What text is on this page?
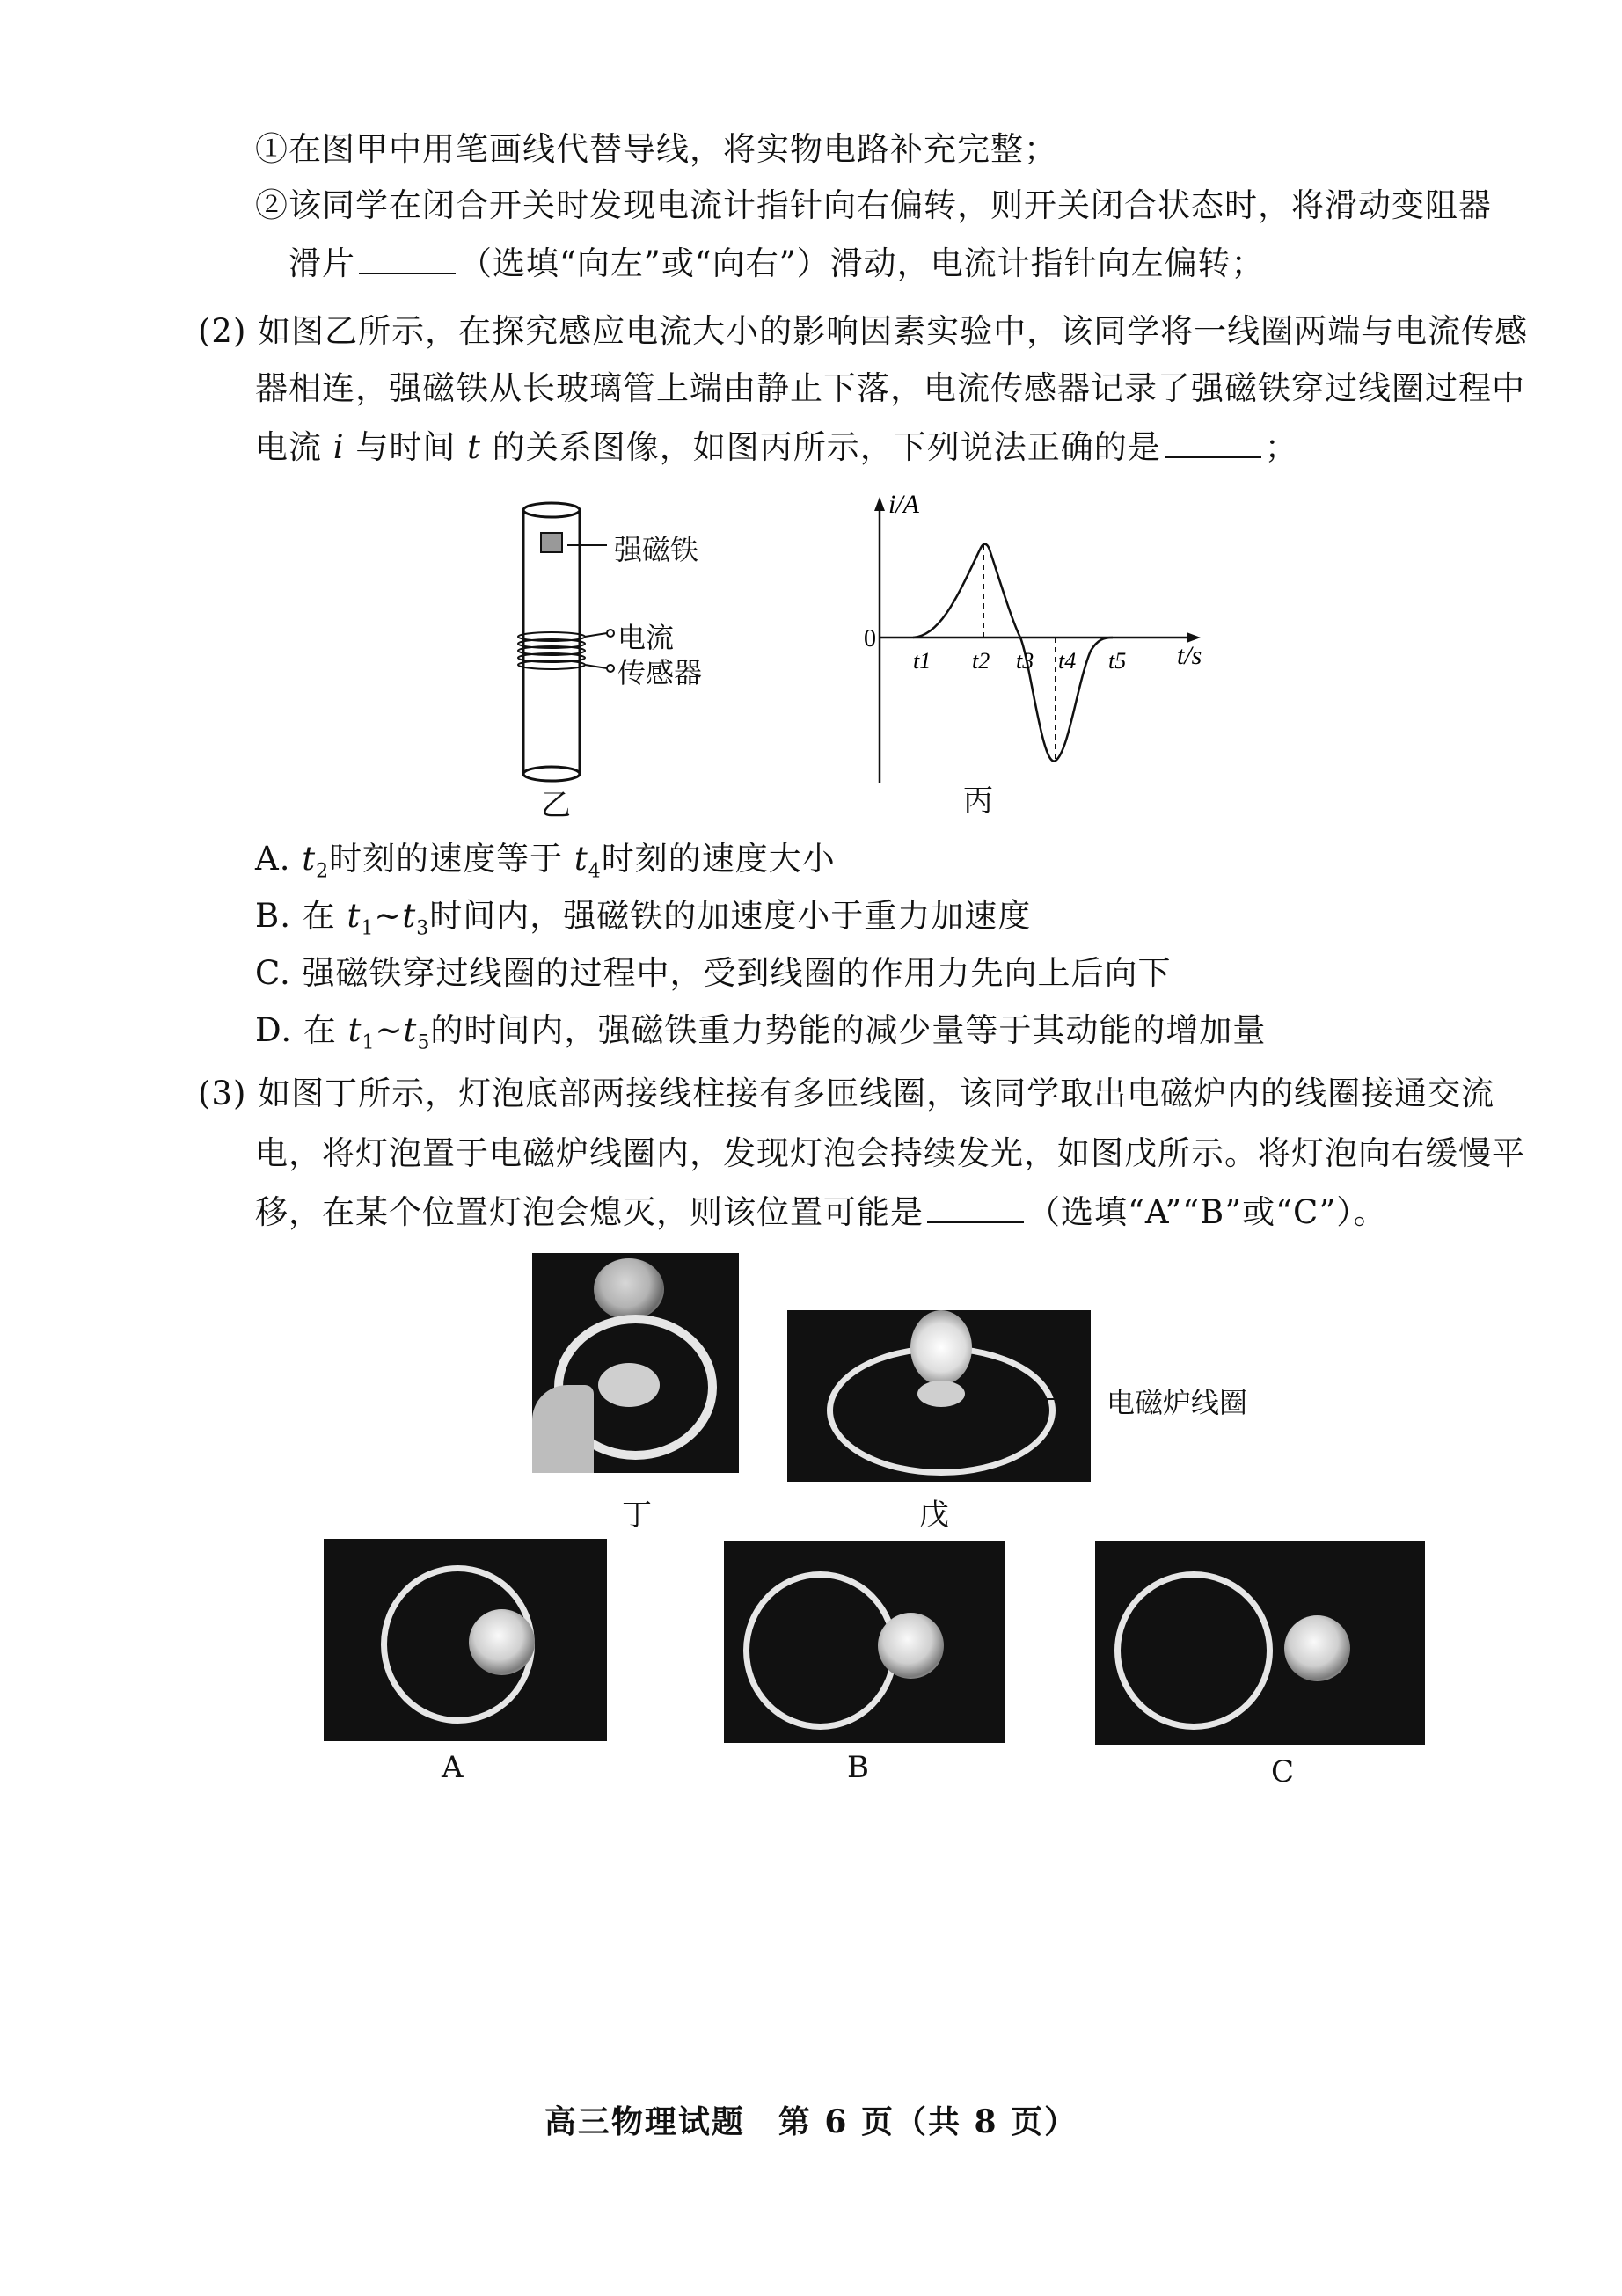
①在图甲中用笔画线代替导线，将实物电路补充完整；
②该同学在闭合开关时发现电流计指针向右偏转，则开关闭合状态时，将滑动变阻器
滑片	（选填“向左”或“向右”）滑动，电流计指针向左偏转；
(2) 如图乙所示，在探究感应电流大小的影响因素实验中，该同学将一线圈两端与电流传感
器相连，强磁铁从长玻璃管上端由静止下落，电流传感器记录了强磁铁穿过线圈过程中
电流 i 与时间 t 的关系图像，如图丙所示，下列说法正确的是	；
强磁铁
电流
传感器
乙
0
i/A
t/s
t1 t2 t3 t4 t5
丙
A. $t_2$时刻的速度等于 $t_4$时刻的速度大小
B. 在 $t_1\sim t_3$时间内，强磁铁的加速度小于重力加速度
C. 强磁铁穿过线圈的过程中，受到线圈的作用力先向上后向下
D. 在 $t_1\sim t_5$的时间内，强磁铁重力势能的减少量等于其动能的增加量
(3) 如图丁所示，灯泡底部两接线柱接有多匝线圈，该同学取出电磁炉内的线圈接通交流
电，将灯泡置于电磁炉线圈内，发现灯泡会持续发光，如图戊所示。将灯泡向右缓慢平
移，在某个位置灯泡会熄灭，则该位置可能是	（选填“A”“B”或“C”）。
丁
电磁炉线圈
戊
A	B	C
高三物理试题　第 6 页（共 8 页）
